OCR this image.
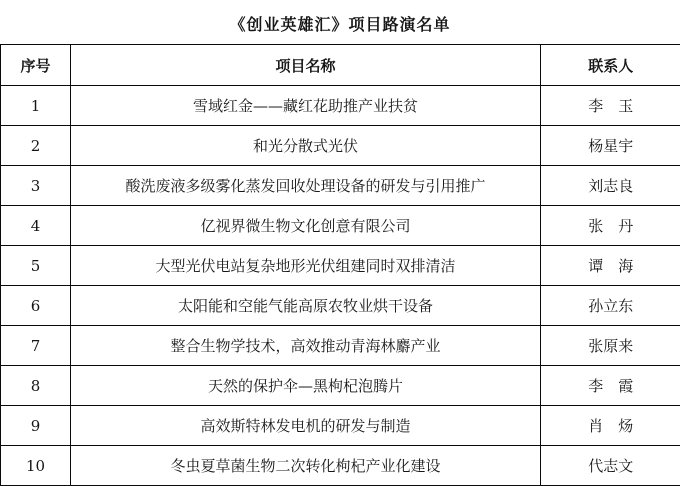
《创业英雄汇》项目路演名单
序号	项目名称	联系人
1	雪域红金——藏红花助推产业扶贫	李　玉
2	和光分散式光伏	杨星宇
3	酸洗废液多级雾化蒸发回收处理设备的研发与引用推广	刘志良
4	亿视界微生物文化创意有限公司	张　丹
5	大型光伏电站复杂地形光伏组建同时双排清洁	谭　海
6	太阳能和空能气能高原农牧业烘干设备	孙立东
7	整合生物学技术，高效推动青海林麝产业	张原来
8	天然的保护伞—黑枸杞泡腾片	李　霞
9	高效斯特林发电机的研发与制造	肖　炀
10	冬虫夏草菌生物二次转化枸杞产业化建设	代志文
